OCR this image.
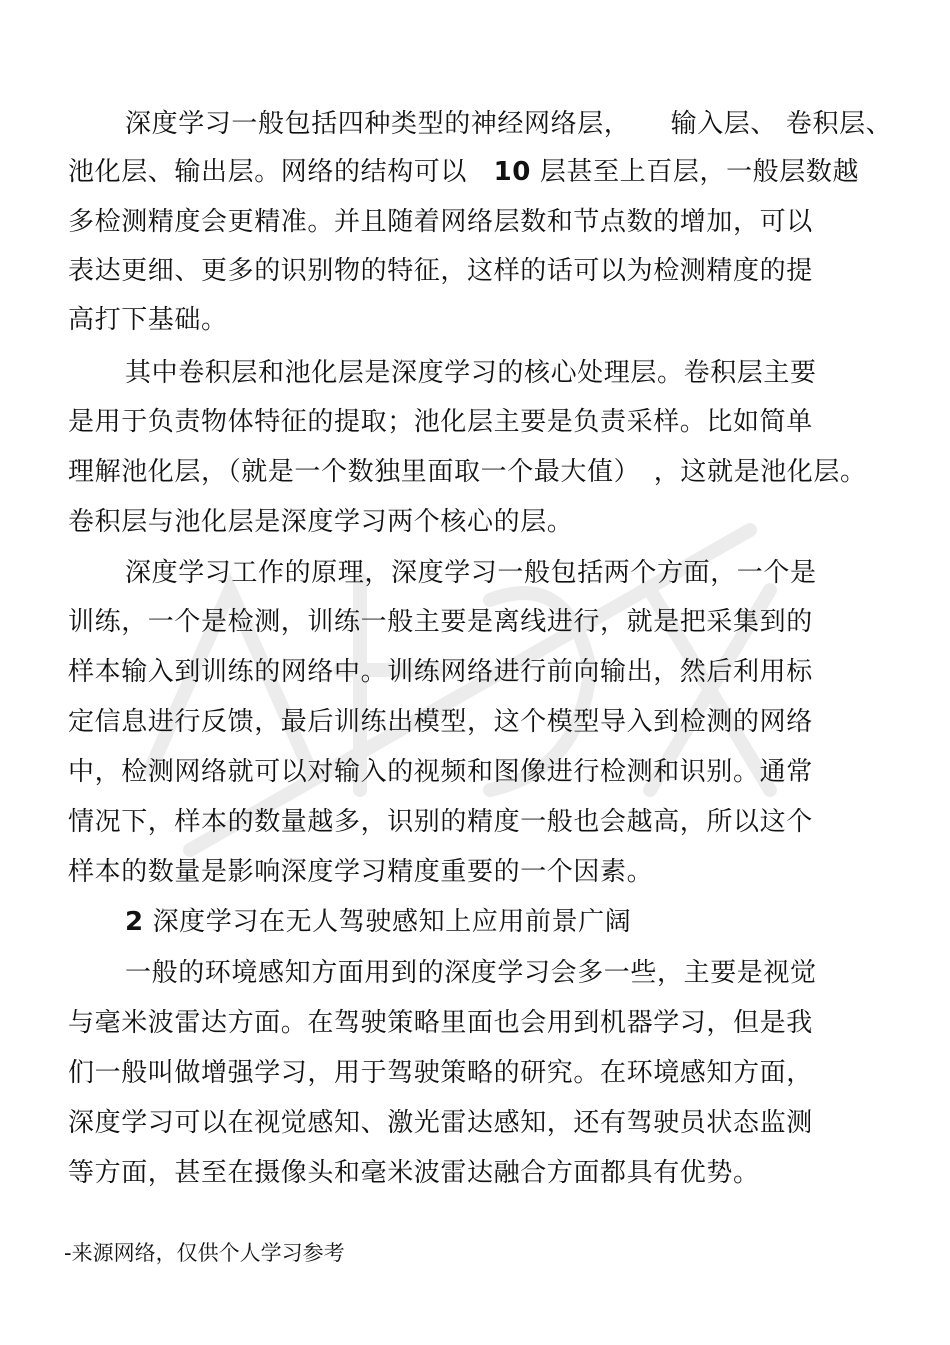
深度学习一般包括四种类型的神经网络层，　　输入层、 卷积层、
池化层、输出层。网络的结构可以　10 层甚至上百层，一般层数越
多检测精度会更精准。并且随着网络层数和节点数的增加，可以
表达更细、更多的识别物的特征，这样的话可以为检测精度的提
高打下基础。
其中卷积层和池化层是深度学习的核心处理层。卷积层主要
是用于负责物体特征的提取；池化层主要是负责采样。比如简单
理解池化层，（就是一个数独里面取一个最大值）　，这就是池化层。
卷积层与池化层是深度学习两个核心的层。
深度学习工作的原理，深度学习一般包括两个方面，一个是
训练，一个是检测，训练一般主要是离线进行，就是把采集到的
样本输入到训练的网络中。训练网络进行前向输出，然后利用标
定信息进行反馈，最后训练出模型，这个模型导入到检测的网络
中，检测网络就可以对输入的视频和图像进行检测和识别。通常
情况下，样本的数量越多，识别的精度一般也会越高，所以这个
样本的数量是影响深度学习精度重要的一个因素。
2 深度学习在无人驾驶感知上应用前景广阔
一般的环境感知方面用到的深度学习会多一些，主要是视觉
与毫米波雷达方面。在驾驶策略里面也会用到机器学习，但是我
们一般叫做增强学习，用于驾驶策略的研究。在环境感知方面，
深度学习可以在视觉感知、激光雷达感知，还有驾驶员状态监测
等方面，甚至在摄像头和毫米波雷达融合方面都具有优势。
-来源网络，仅供个人学习参考
